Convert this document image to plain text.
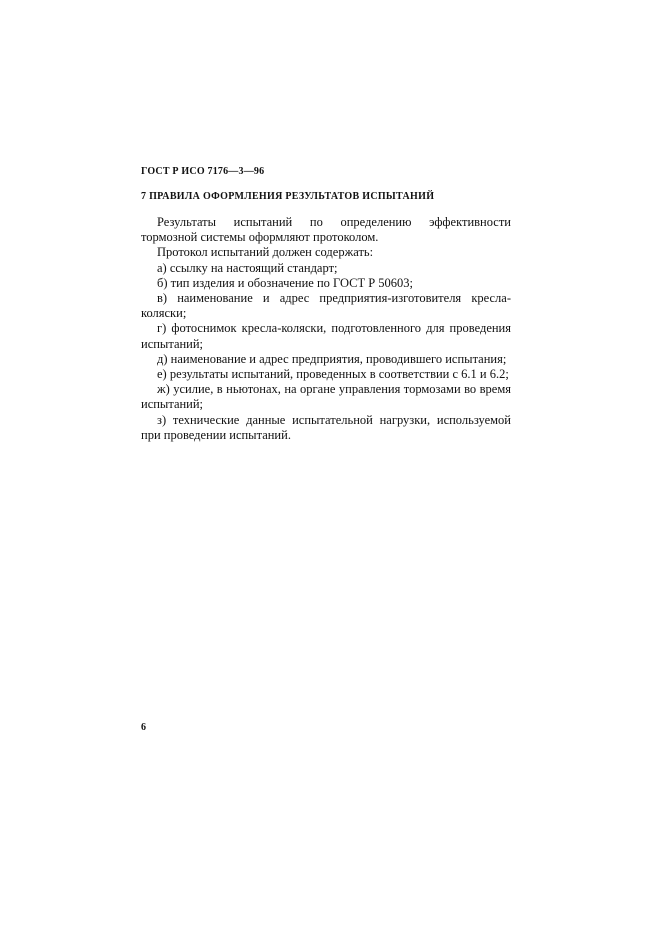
ГОСТ Р ИСО 7176—3—96
7 ПРАВИЛА ОФОРМЛЕНИЯ РЕЗУЛЬТАТОВ ИСПЫТАНИЙ

Результаты испытаний по определению эффективности тормозной системы оформляют протоколом.

Протокол испытаний должен содержать:

а) ссылку на настоящий стандарт;

б) тип изделия и обозначение по ГОСТ Р 50603;

в) наименование и адрес предприятия-изготовителя кресла-коляски;

г) фотоснимок кресла-коляски, подготовленного для проведения испытаний;

д) наименование и адрес предприятия, проводившего испытания;

е) результаты испытаний, проведенных в соответствии с 6.1 и 6.2;

ж) усилие, в ньютонах, на органе управления тормозами во время испытаний;

з) технические данные испытательной нагрузки, используемой при проведении испытаний.

6
